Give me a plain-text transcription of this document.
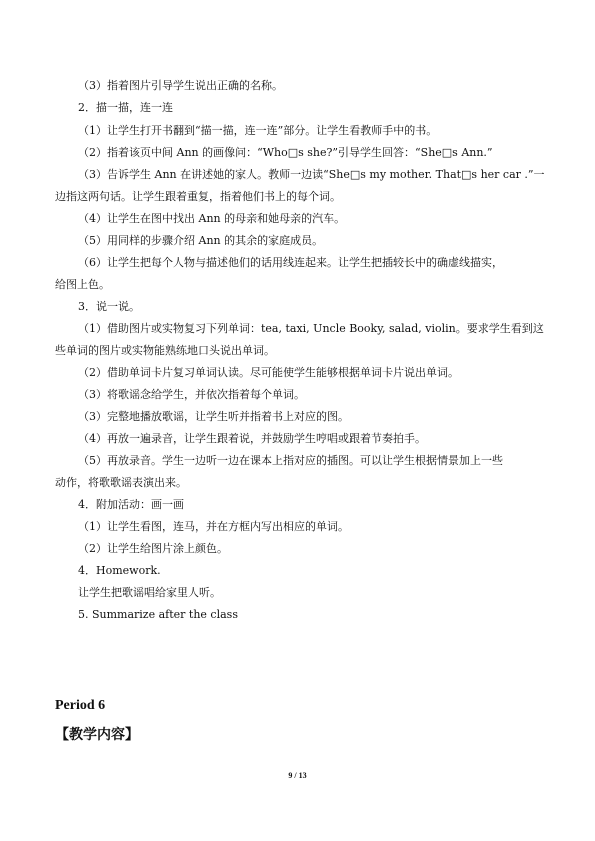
（3）指着图片引导学生说出正确的名称。
2．描一描，连一连
（1）让学生打开书翻到“描一描，连一连”部分。让学生看教师手中的书。
（2）指着该页中间 Ann 的画像问：“Who□s she?”引导学生回答：“She□s Ann.”
（3）告诉学生 Ann 在讲述她的家人。教师一边读“She□s my mother. That□s her car .”一
边指这两句话。让学生跟着重复，指着他们书上的每个词。
（4）让学生在图中找出 Ann 的母亲和她母亲的汽车。
（5）用同样的步骤介绍 Ann 的其余的家庭成员。
（6）让学生把每个人物与描述他们的话用线连起来。让学生把插较长中的确虚线描实，
给图上色。
3．说一说。
（1）借助图片或实物复习下列单词：tea, taxi, Uncle Booky, salad, violin。要求学生看到这
些单词的图片或实物能熟练地口头说出单词。
（2）借助单词卡片复习单词认读。尽可能使学生能够根据单词卡片说出单词。
（3）将歌谣念给学生，并依次指着每个单词。
（3）完整地播放歌谣，让学生听并指着书上对应的图。
（4）再放一遍录音，让学生跟着说，并鼓励学生哼唱或跟着节奏拍手。
（5）再放录音。学生一边听一边在课本上指对应的插图。可以让学生根据情景加上一些
动作，将歌歌谣表演出来。
4．附加活动：画一画
（1）让学生看图，连马，并在方框内写出相应的单词。
（2）让学生给图片涂上颜色。
4．Homework.
让学生把歌谣唱给家里人听。
5. Summarize after the class
Period 6
【教学内容】
9 / 13
